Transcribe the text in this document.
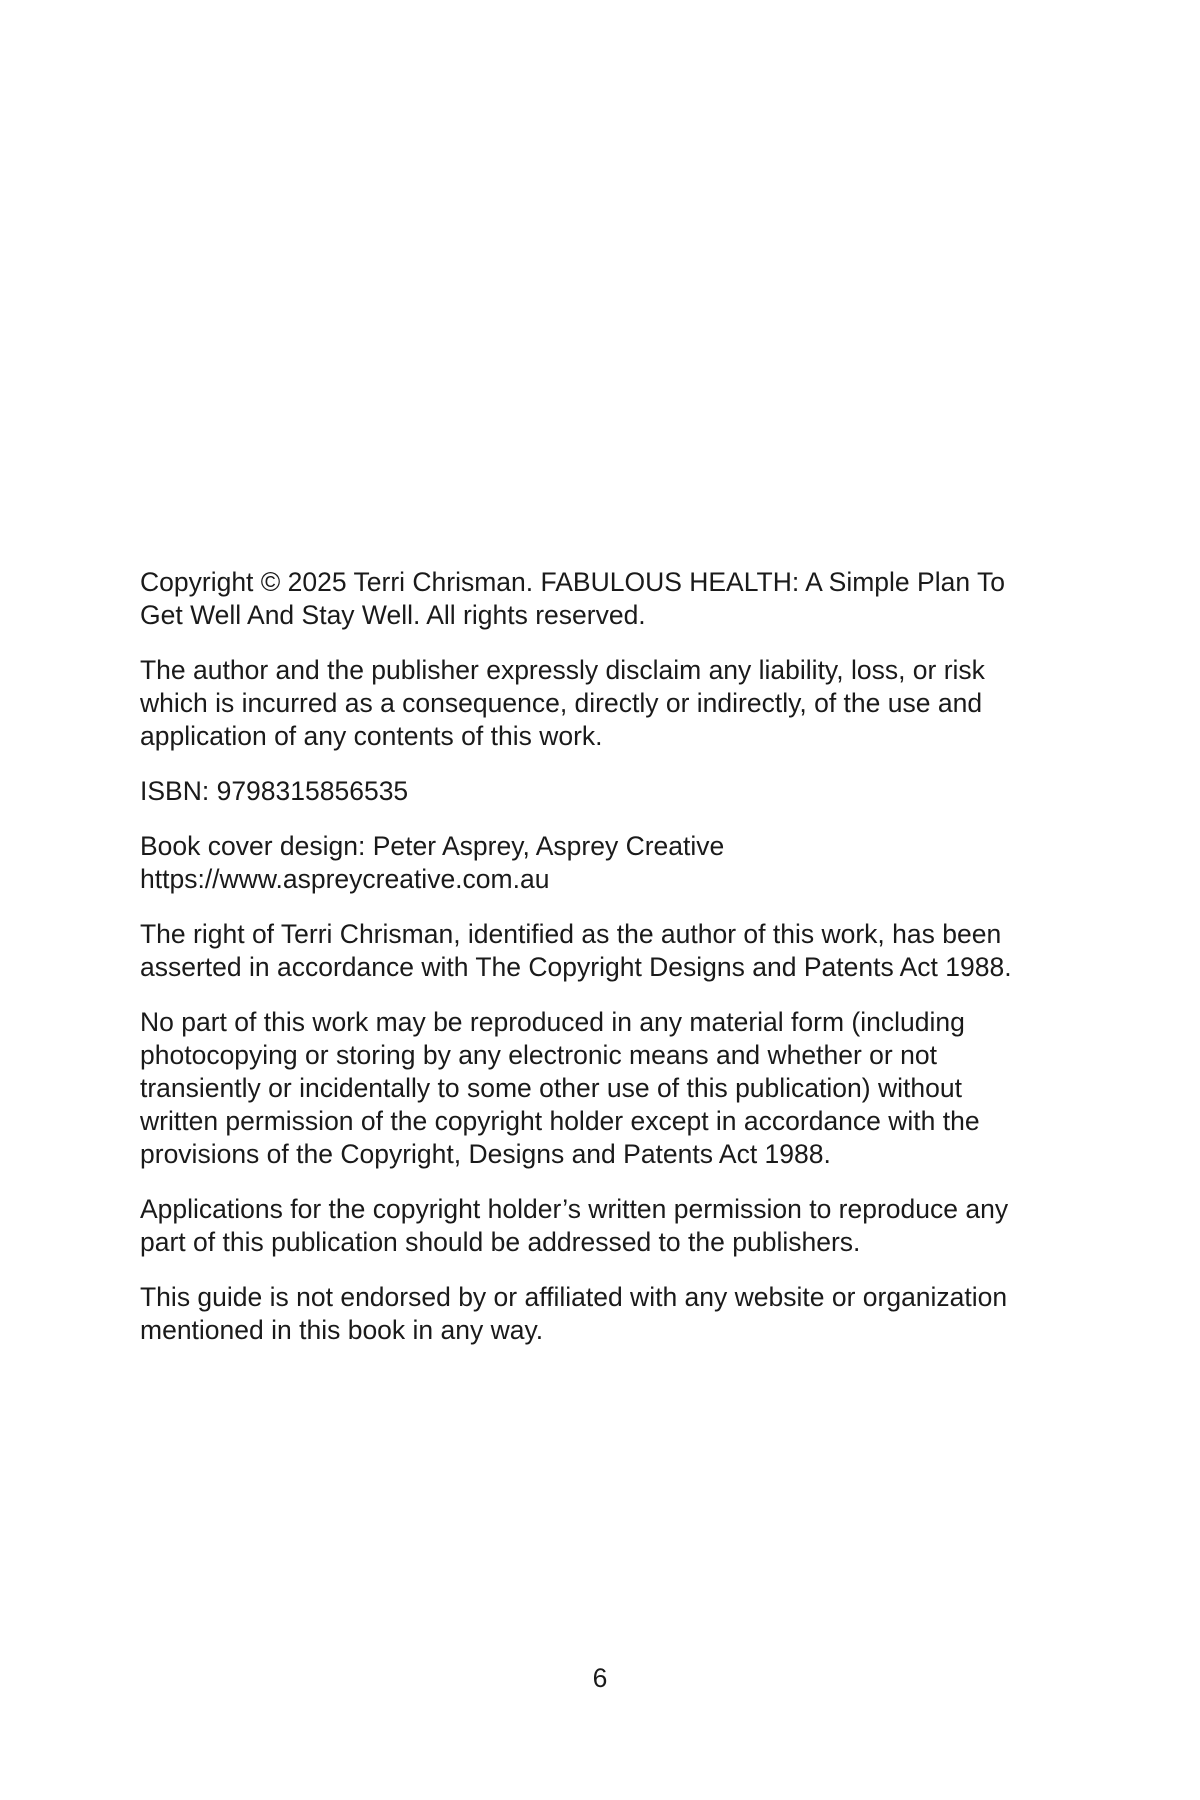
Copyright © 2025 Terri Chrisman. FABULOUS HEALTH: A Simple Plan To

Get Well And Stay Well. All rights reserved.

The author and the publisher expressly disclaim any liability, loss, or risk

which is incurred as a consequence, directly or indirectly, of the use and

application of any contents of this work.

ISBN: 9798315856535

Book cover design: Peter Asprey, Asprey Creative

https://www.aspreycreative.com.au

The right of Terri Chrisman, identified as the author of this work, has been

asserted in accordance with The Copyright Designs and Patents Act 1988.

No part of this work may be reproduced in any material form (including

photocopying or storing by any electronic means and whether or not

transiently or incidentally to some other use of this publication) without

written permission of the copyright holder except in accordance with the

provisions of the Copyright, Designs and Patents Act 1988.

Applications for the copyright holder’s written permission to reproduce any

part of this publication should be addressed to the publishers.

This guide is not endorsed by or affiliated with any website or organization

mentioned in this book in any way.

6
